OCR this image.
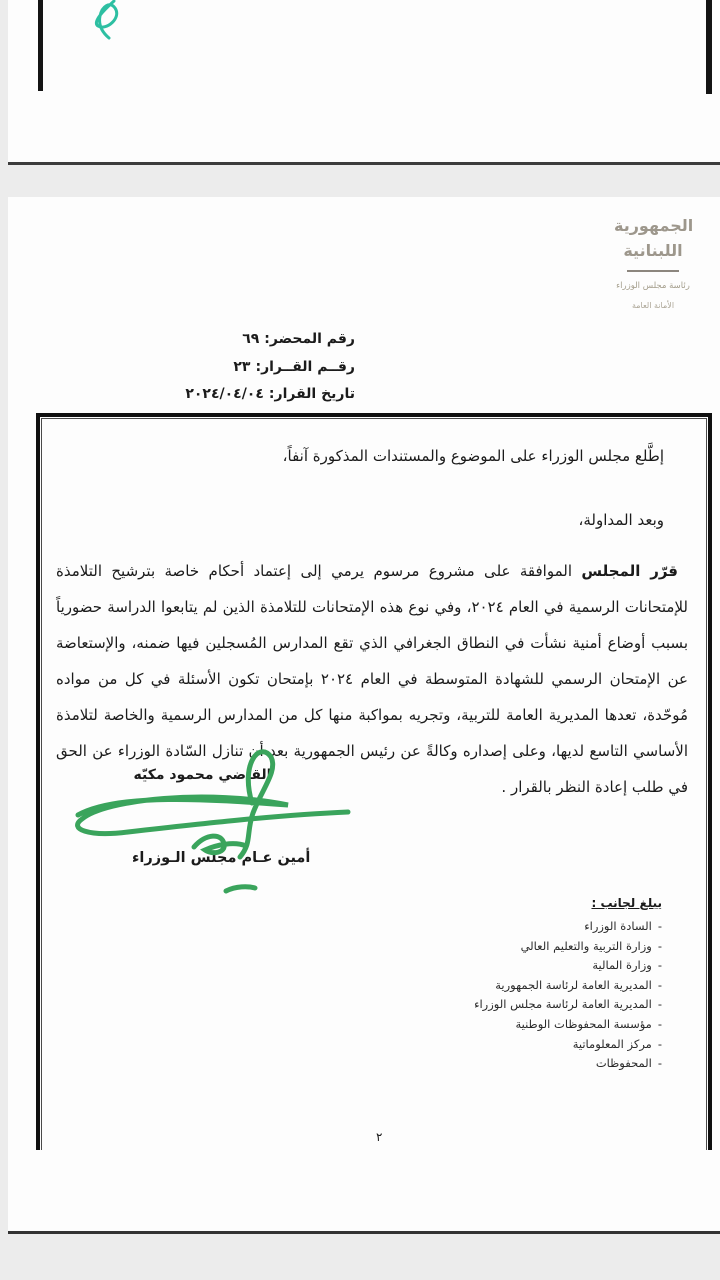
الجمهورية
اللبنانية
رئاسة مجلس الوزراء
الأمانة العامة
رقم المحضر:٦٩
رقــم القــرار:٢٣
تاريخ القرار:٢٠٢٤/٠٤/٠٤
إطَّلع مجلس الوزراء على الموضوع والمستندات المذكورة آنفاً،
وبعد المداولة،
قرّر المجلس الموافقة على مشروع مرسوم يرمي إلى إعتماد أحكام خاصة بترشيح التلامذة للإمتحانات الرسمية في العام ٢٠٢٤، وفي نوع هذه الإمتحانات للتلامذة الذين لم يتابعوا الدراسة حضورياً بسبب أوضاع أمنية نشأت في النطاق الجغرافي الذي تقع المدارس المُسجلين فيها ضمنه، والإستعاضة عن الإمتحان الرسمي للشهادة المتوسطة في العام ٢٠٢٤ بإمتحان تكون الأسئلة في كل من مواده مُوحّدة، تعدها المديرية العامة للتربية، وتجريه بمواكبة منها كل من المدارس الرسمية والخاصة لتلامذة الأساسي التاسع لديها، وعلى إصداره وكالةً عن رئيس الجمهورية بعد أن تنازل السّادة الوزراء عن الحق في طلب إعادة النظر بالقرار .
القاضي محمود مكيّه
أمين عـام مجلس الـوزراء
يبلغ لجانب :
-السادة الوزراء
-وزارة التربية والتعليم العالي
-وزارة المالية
-المديرية العامة لرئاسة الجمهورية
-المديرية العامة لرئاسة مجلس الوزراء
-مؤسسة المحفوظات الوطنية
-مركز المعلوماتية
-المحفوظات
٢
